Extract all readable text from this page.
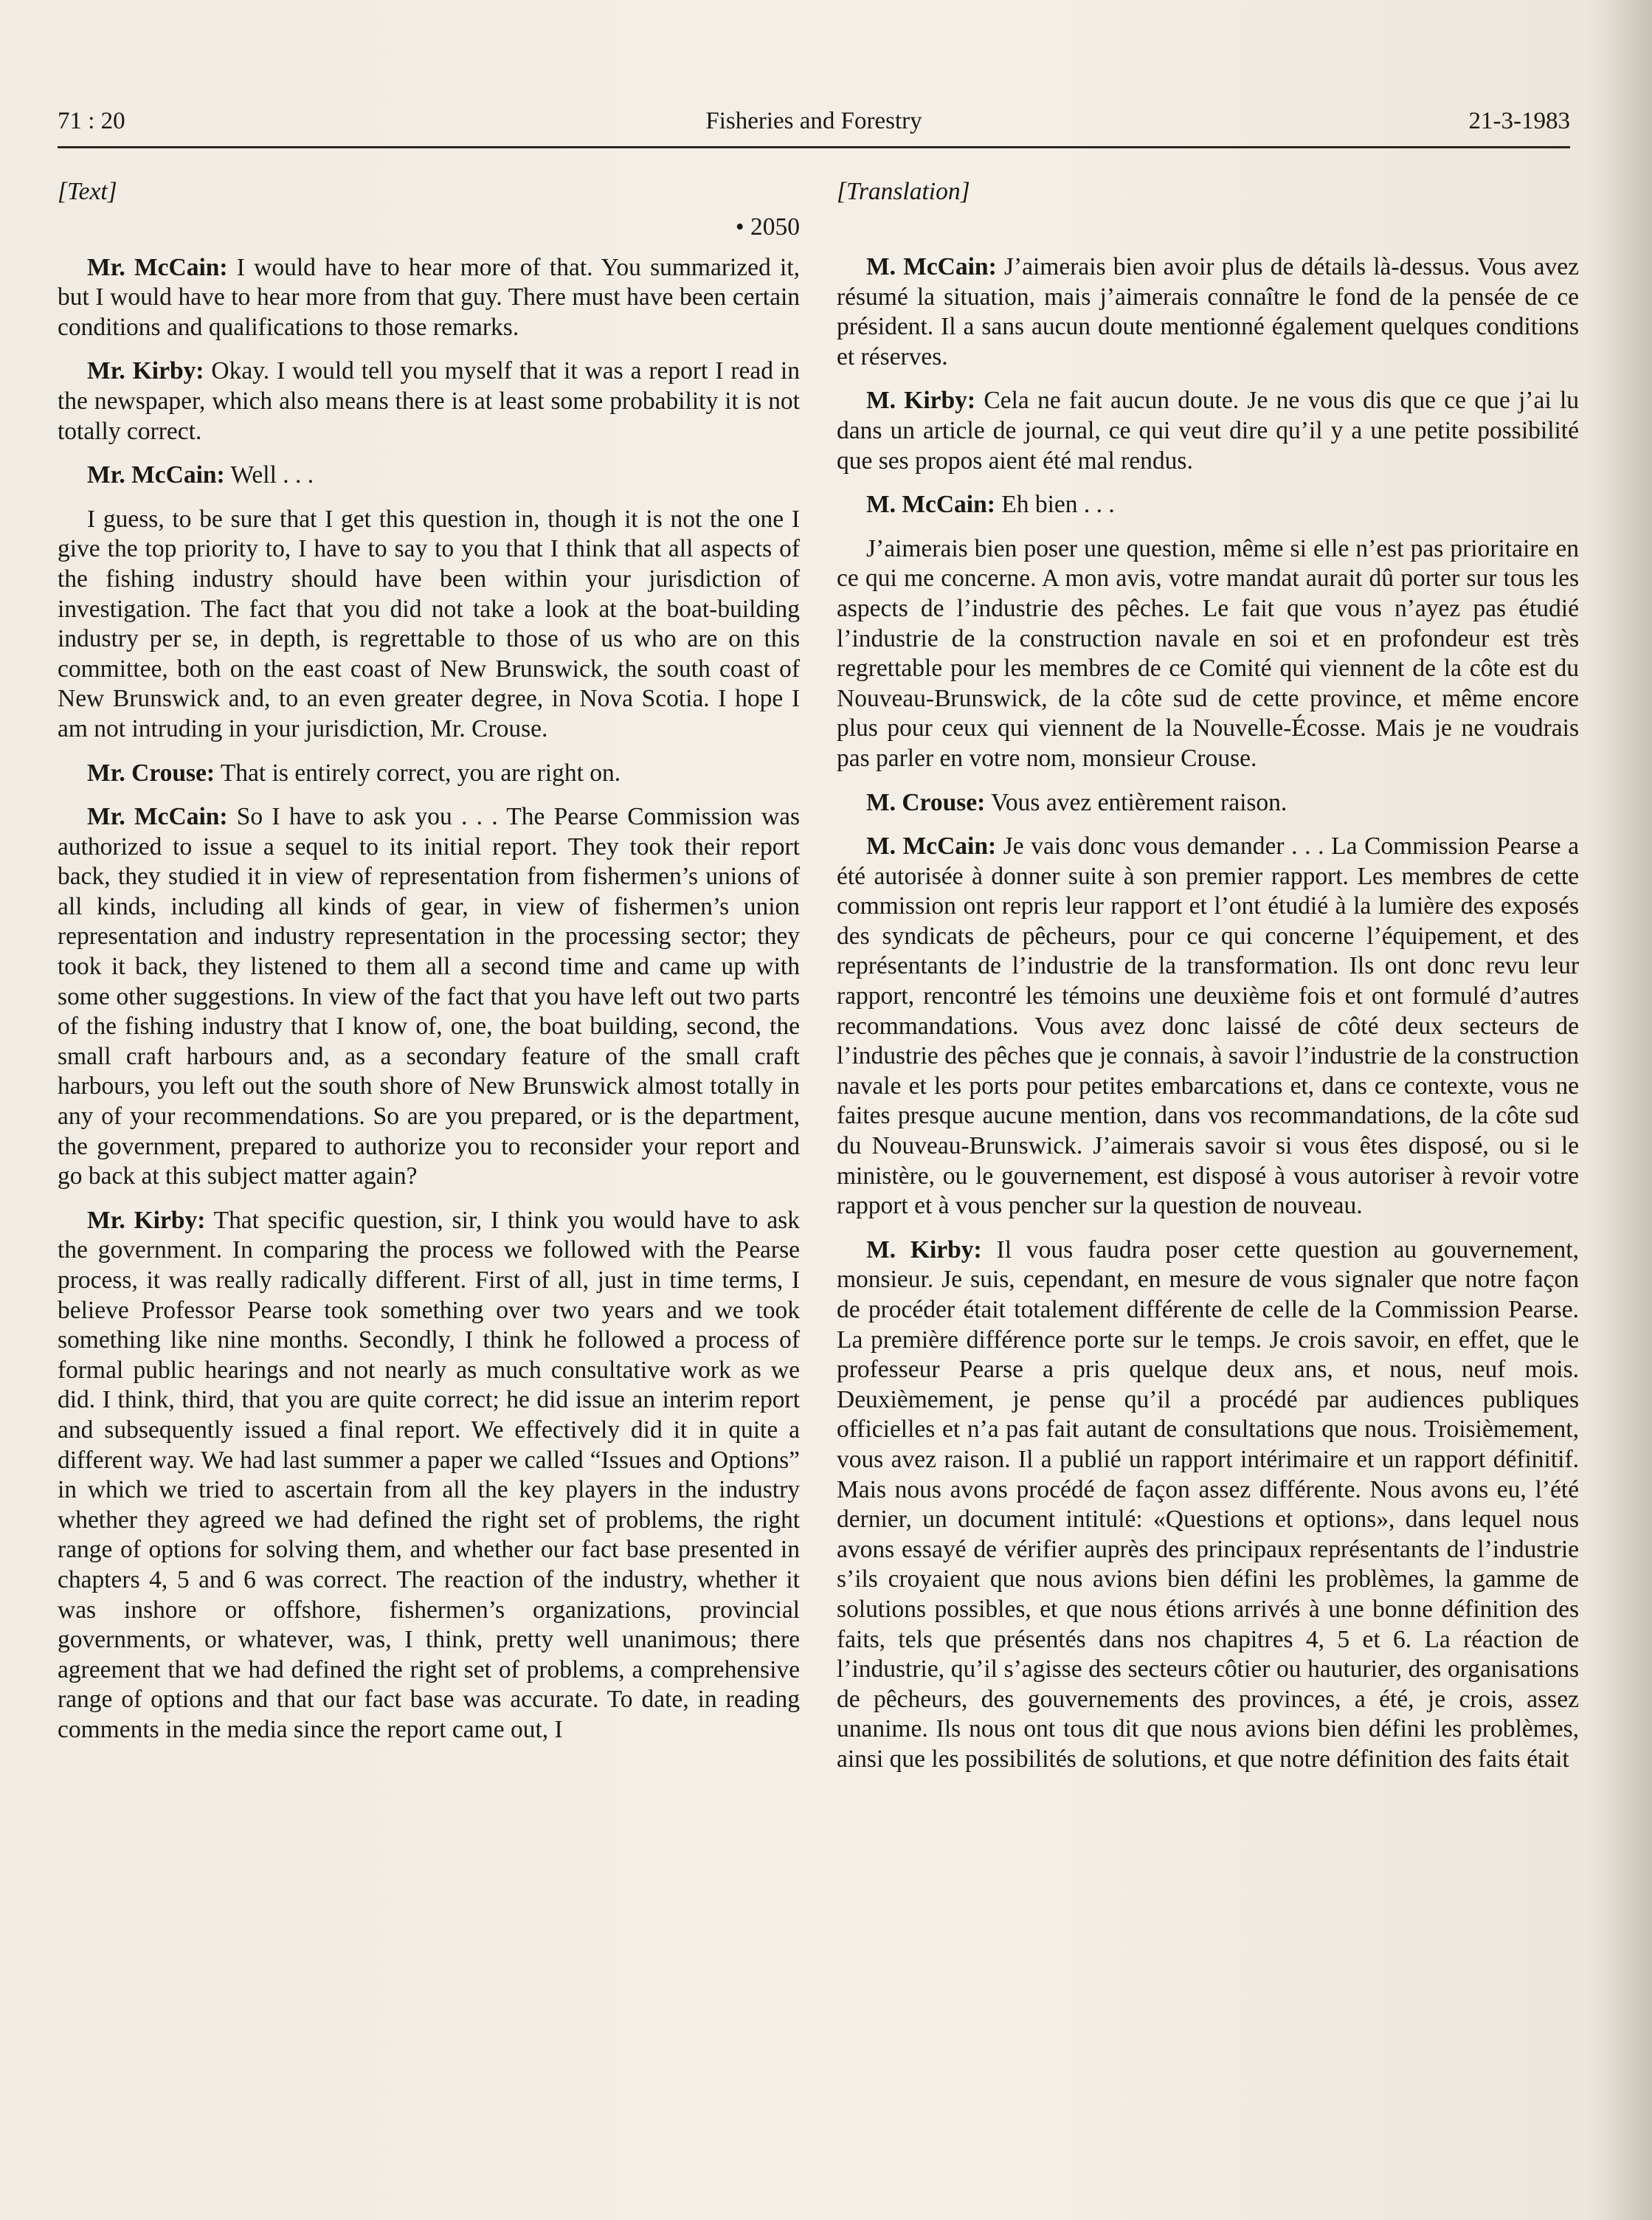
71 : 20	Fisheries and Forestry	21-3-1983

[Text]

• 2050

Mr. McCain: I would have to hear more of that. You summarized it, but I would have to hear more from that guy. There must have been certain conditions and qualifications to those remarks.

Mr. Kirby: Okay. I would tell you myself that it was a report I read in the newspaper, which also means there is at least some probability it is not totally correct.

Mr. McCain: Well . . .

I guess, to be sure that I get this question in, though it is not the one I give the top priority to, I have to say to you that I think that all aspects of the fishing industry should have been within your jurisdiction of investigation. The fact that you did not take a look at the boat-building industry per se, in depth, is regrettable to those of us who are on this committee, both on the east coast of New Brunswick, the south coast of New Brunswick and, to an even greater degree, in Nova Scotia. I hope I am not intruding in your jurisdiction, Mr. Crouse.

Mr. Crouse: That is entirely correct, you are right on.

Mr. McCain: So I have to ask you . . . The Pearse Commission was authorized to issue a sequel to its initial report. They took their report back, they studied it in view of representation from fishermen’s unions of all kinds, including all kinds of gear, in view of fishermen’s union representation and industry representation in the processing sector; they took it back, they listened to them all a second time and came up with some other suggestions. In view of the fact that you have left out two parts of the fishing industry that I know of, one, the boat building, second, the small craft harbours and, as a secondary feature of the small craft harbours, you left out the south shore of New Brunswick almost totally in any of your recommendations. So are you prepared, or is the department, the government, prepared to authorize you to reconsider your report and go back at this subject matter again?

Mr. Kirby: That specific question, sir, I think you would have to ask the government. In comparing the process we followed with the Pearse process, it was really radically different. First of all, just in time terms, I believe Professor Pearse took something over two years and we took something like nine months. Secondly, I think he followed a process of formal public hearings and not nearly as much consultative work as we did. I think, third, that you are quite correct; he did issue an interim report and subsequently issued a final report. We effectively did it in quite a different way. We had last summer a paper we called “Issues and Options” in which we tried to ascertain from all the key players in the industry whether they agreed we had defined the right set of problems, the right range of options for solving them, and whether our fact base presented in chapters 4, 5 and 6 was correct. The reaction of the industry, whether it was inshore or offshore, fishermen’s organizations, provincial governments, or whatever, was, I think, pretty well unanimous; there agreement that we had defined the right set of problems, a comprehensive range of options and that our fact base was accurate. To date, in reading comments in the media since the report came out, I

[Translation]

M. McCain: J’aimerais bien avoir plus de détails là-dessus. Vous avez résumé la situation, mais j’aimerais connaître le fond de la pensée de ce président. Il a sans aucun doute mentionné également quelques conditions et réserves.

M. Kirby: Cela ne fait aucun doute. Je ne vous dis que ce que j’ai lu dans un article de journal, ce qui veut dire qu’il y a une petite possibilité que ses propos aient été mal rendus.

M. McCain: Eh bien . . .

J’aimerais bien poser une question, même si elle n’est pas prioritaire en ce qui me concerne. A mon avis, votre mandat aurait dû porter sur tous les aspects de l’industrie des pêches. Le fait que vous n’ayez pas étudié l’industrie de la construction navale en soi et en profondeur est très regrettable pour les membres de ce Comité qui viennent de la côte est du Nouveau-Brunswick, de la côte sud de cette province, et même encore plus pour ceux qui viennent de la Nouvelle-Écosse. Mais je ne voudrais pas parler en votre nom, monsieur Crouse.

M. Crouse: Vous avez entièrement raison.

M. McCain: Je vais donc vous demander . . . La Commission Pearse a été autorisée à donner suite à son premier rapport. Les membres de cette commission ont repris leur rapport et l’ont étudié à la lumière des exposés des syndicats de pêcheurs, pour ce qui concerne l’équipement, et des représentants de l’industrie de la transformation. Ils ont donc revu leur rapport, rencontré les témoins une deuxième fois et ont formulé d’autres recommandations. Vous avez donc laissé de côté deux secteurs de l’industrie des pêches que je connais, à savoir l’industrie de la construction navale et les ports pour petites embarcations et, dans ce contexte, vous ne faites presque aucune mention, dans vos recommandations, de la côte sud du Nouveau-Brunswick. J’aimerais savoir si vous êtes disposé, ou si le ministère, ou le gouvernement, est disposé à vous autoriser à revoir votre rapport et à vous pencher sur la question de nouveau.

M. Kirby: Il vous faudra poser cette question au gouvernement, monsieur. Je suis, cependant, en mesure de vous signaler que notre façon de procéder était totalement différente de celle de la Commission Pearse. La première différence porte sur le temps. Je crois savoir, en effet, que le professeur Pearse a pris quelque deux ans, et nous, neuf mois. Deuxièmement, je pense qu’il a procédé par audiences publiques officielles et n’a pas fait autant de consultations que nous. Troisièmement, vous avez raison. Il a publié un rapport intérimaire et un rapport définitif. Mais nous avons procédé de façon assez différente. Nous avons eu, l’été dernier, un document intitulé: «Questions et options», dans lequel nous avons essayé de vérifier auprès des principaux représentants de l’industrie s’ils croyaient que nous avions bien défini les problèmes, la gamme de solutions possibles, et que nous étions arrivés à une bonne définition des faits, tels que présentés dans nos chapitres 4, 5 et 6. La réaction de l’industrie, qu’il s’agisse des secteurs côtier ou hauturier, des organisations de pêcheurs, des gouvernements des provinces, a été, je crois, assez unanime. Ils nous ont tous dit que nous avions bien défini les problèmes, ainsi que les possibilités de solutions, et que notre définition des faits était
